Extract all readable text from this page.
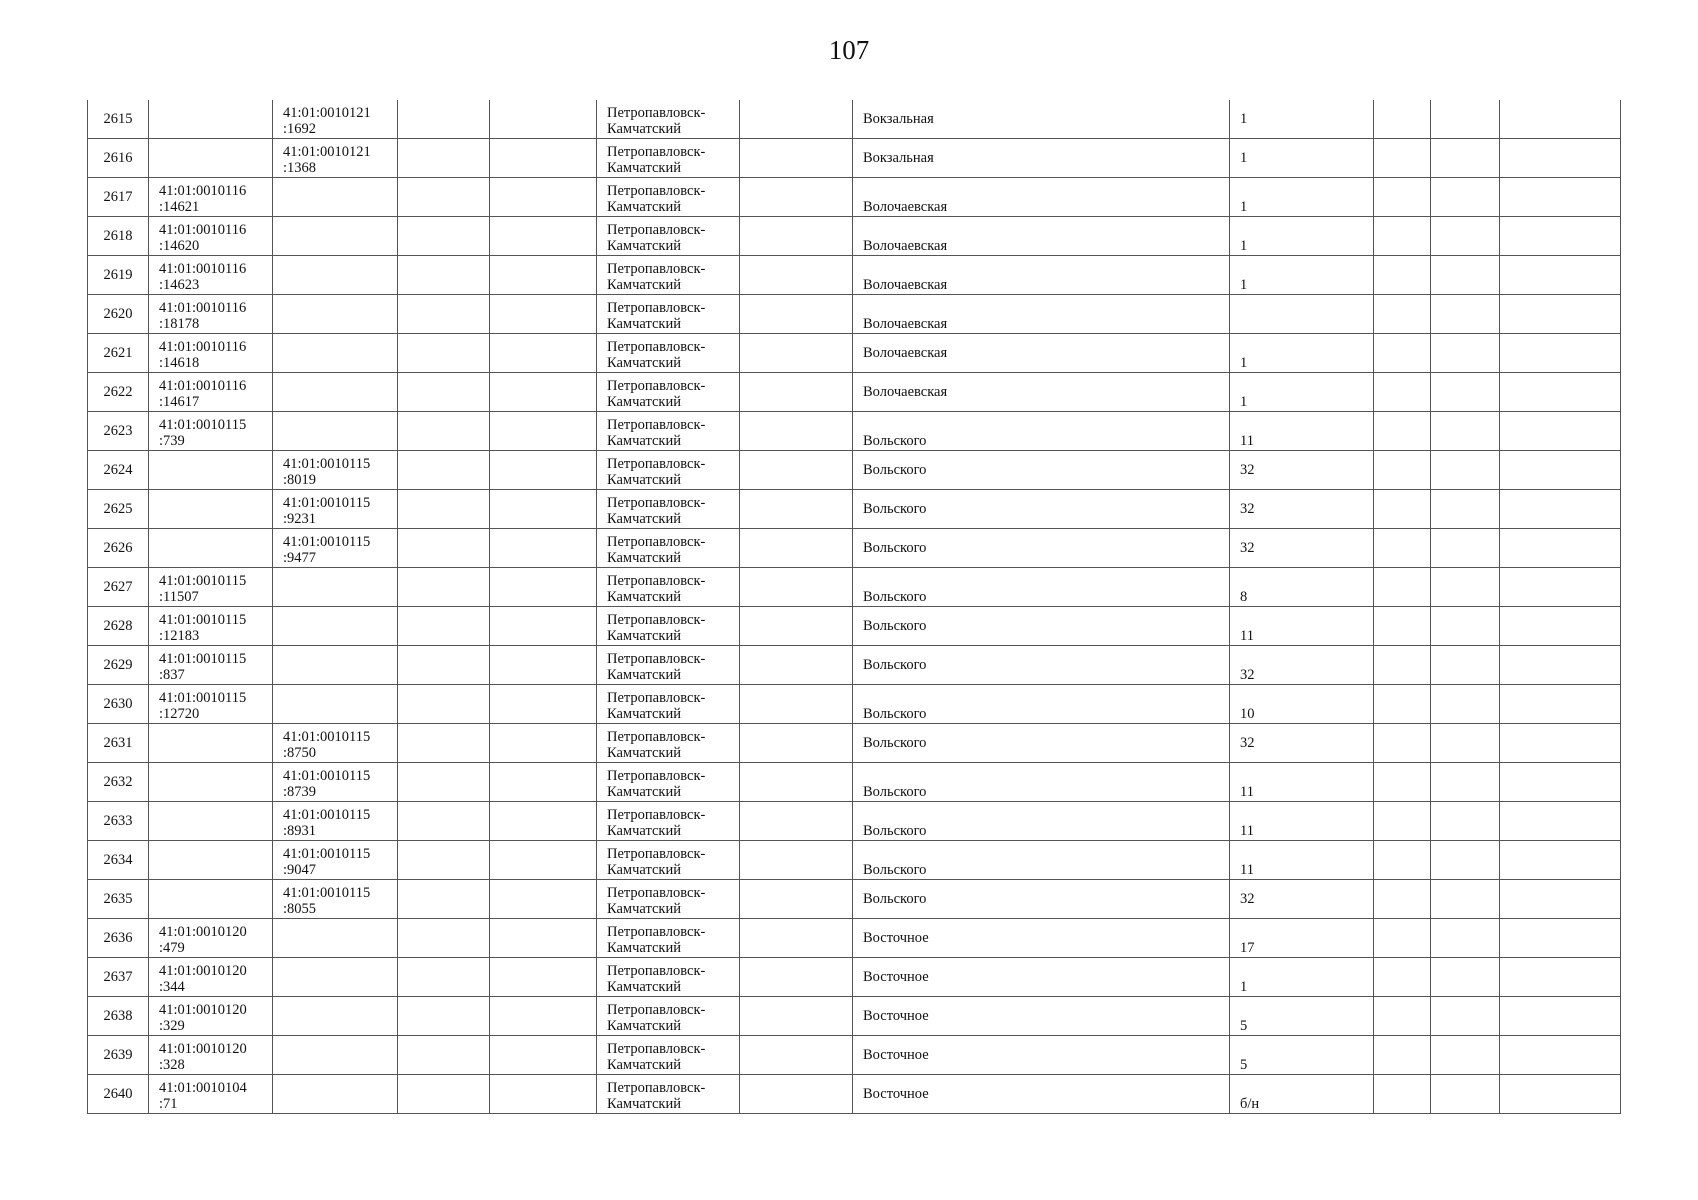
107
2615		41:01:0010121
:1692			Петропавловск-
Камчатский		Вокзальная	1			
2616		41:01:0010121
:1368			Петропавловск-
Камчатский		Вокзальная	1			
2617	41:01:0010116
:14621				Петропавловск-
Камчатский		Волочаевская	1			
2618	41:01:0010116
:14620				Петропавловск-
Камчатский		Волочаевская	1			
2619	41:01:0010116
:14623				Петропавловск-
Камчатский		Волочаевская	1			
2620	41:01:0010116
:18178				Петропавловск-
Камчатский		Волочаевская				
2621	41:01:0010116
:14618				Петропавловск-
Камчатский		Волочаевская	1			
2622	41:01:0010116
:14617				Петропавловск-
Камчатский		Волочаевская	1			
2623	41:01:0010115
:739				Петропавловск-
Камчатский		Вольского	11			
2624		41:01:0010115
:8019			Петропавловск-
Камчатский		Вольского	32			
2625		41:01:0010115
:9231			Петропавловск-
Камчатский		Вольского	32			
2626		41:01:0010115
:9477			Петропавловск-
Камчатский		Вольского	32			
2627	41:01:0010115
:11507				Петропавловск-
Камчатский		Вольского	8			
2628	41:01:0010115
:12183				Петропавловск-
Камчатский		Вольского	11			
2629	41:01:0010115
:837				Петропавловск-
Камчатский		Вольского	32			
2630	41:01:0010115
:12720				Петропавловск-
Камчатский		Вольского	10			
2631		41:01:0010115
:8750			Петропавловск-
Камчатский		Вольского	32			
2632		41:01:0010115
:8739			Петропавловск-
Камчатский		Вольского	11			
2633		41:01:0010115
:8931			Петропавловск-
Камчатский		Вольского	11			
2634		41:01:0010115
:9047			Петропавловск-
Камчатский		Вольского	11			
2635		41:01:0010115
:8055			Петропавловск-
Камчатский		Вольского	32			
2636	41:01:0010120
:479				Петропавловск-
Камчатский		Восточное	17			
2637	41:01:0010120
:344				Петропавловск-
Камчатский		Восточное	1			
2638	41:01:0010120
:329				Петропавловск-
Камчатский		Восточное	5			
2639	41:01:0010120
:328				Петропавловск-
Камчатский		Восточное	5			
2640	41:01:0010104
:71				Петропавловск-
Камчатский		Восточное	б/н			
